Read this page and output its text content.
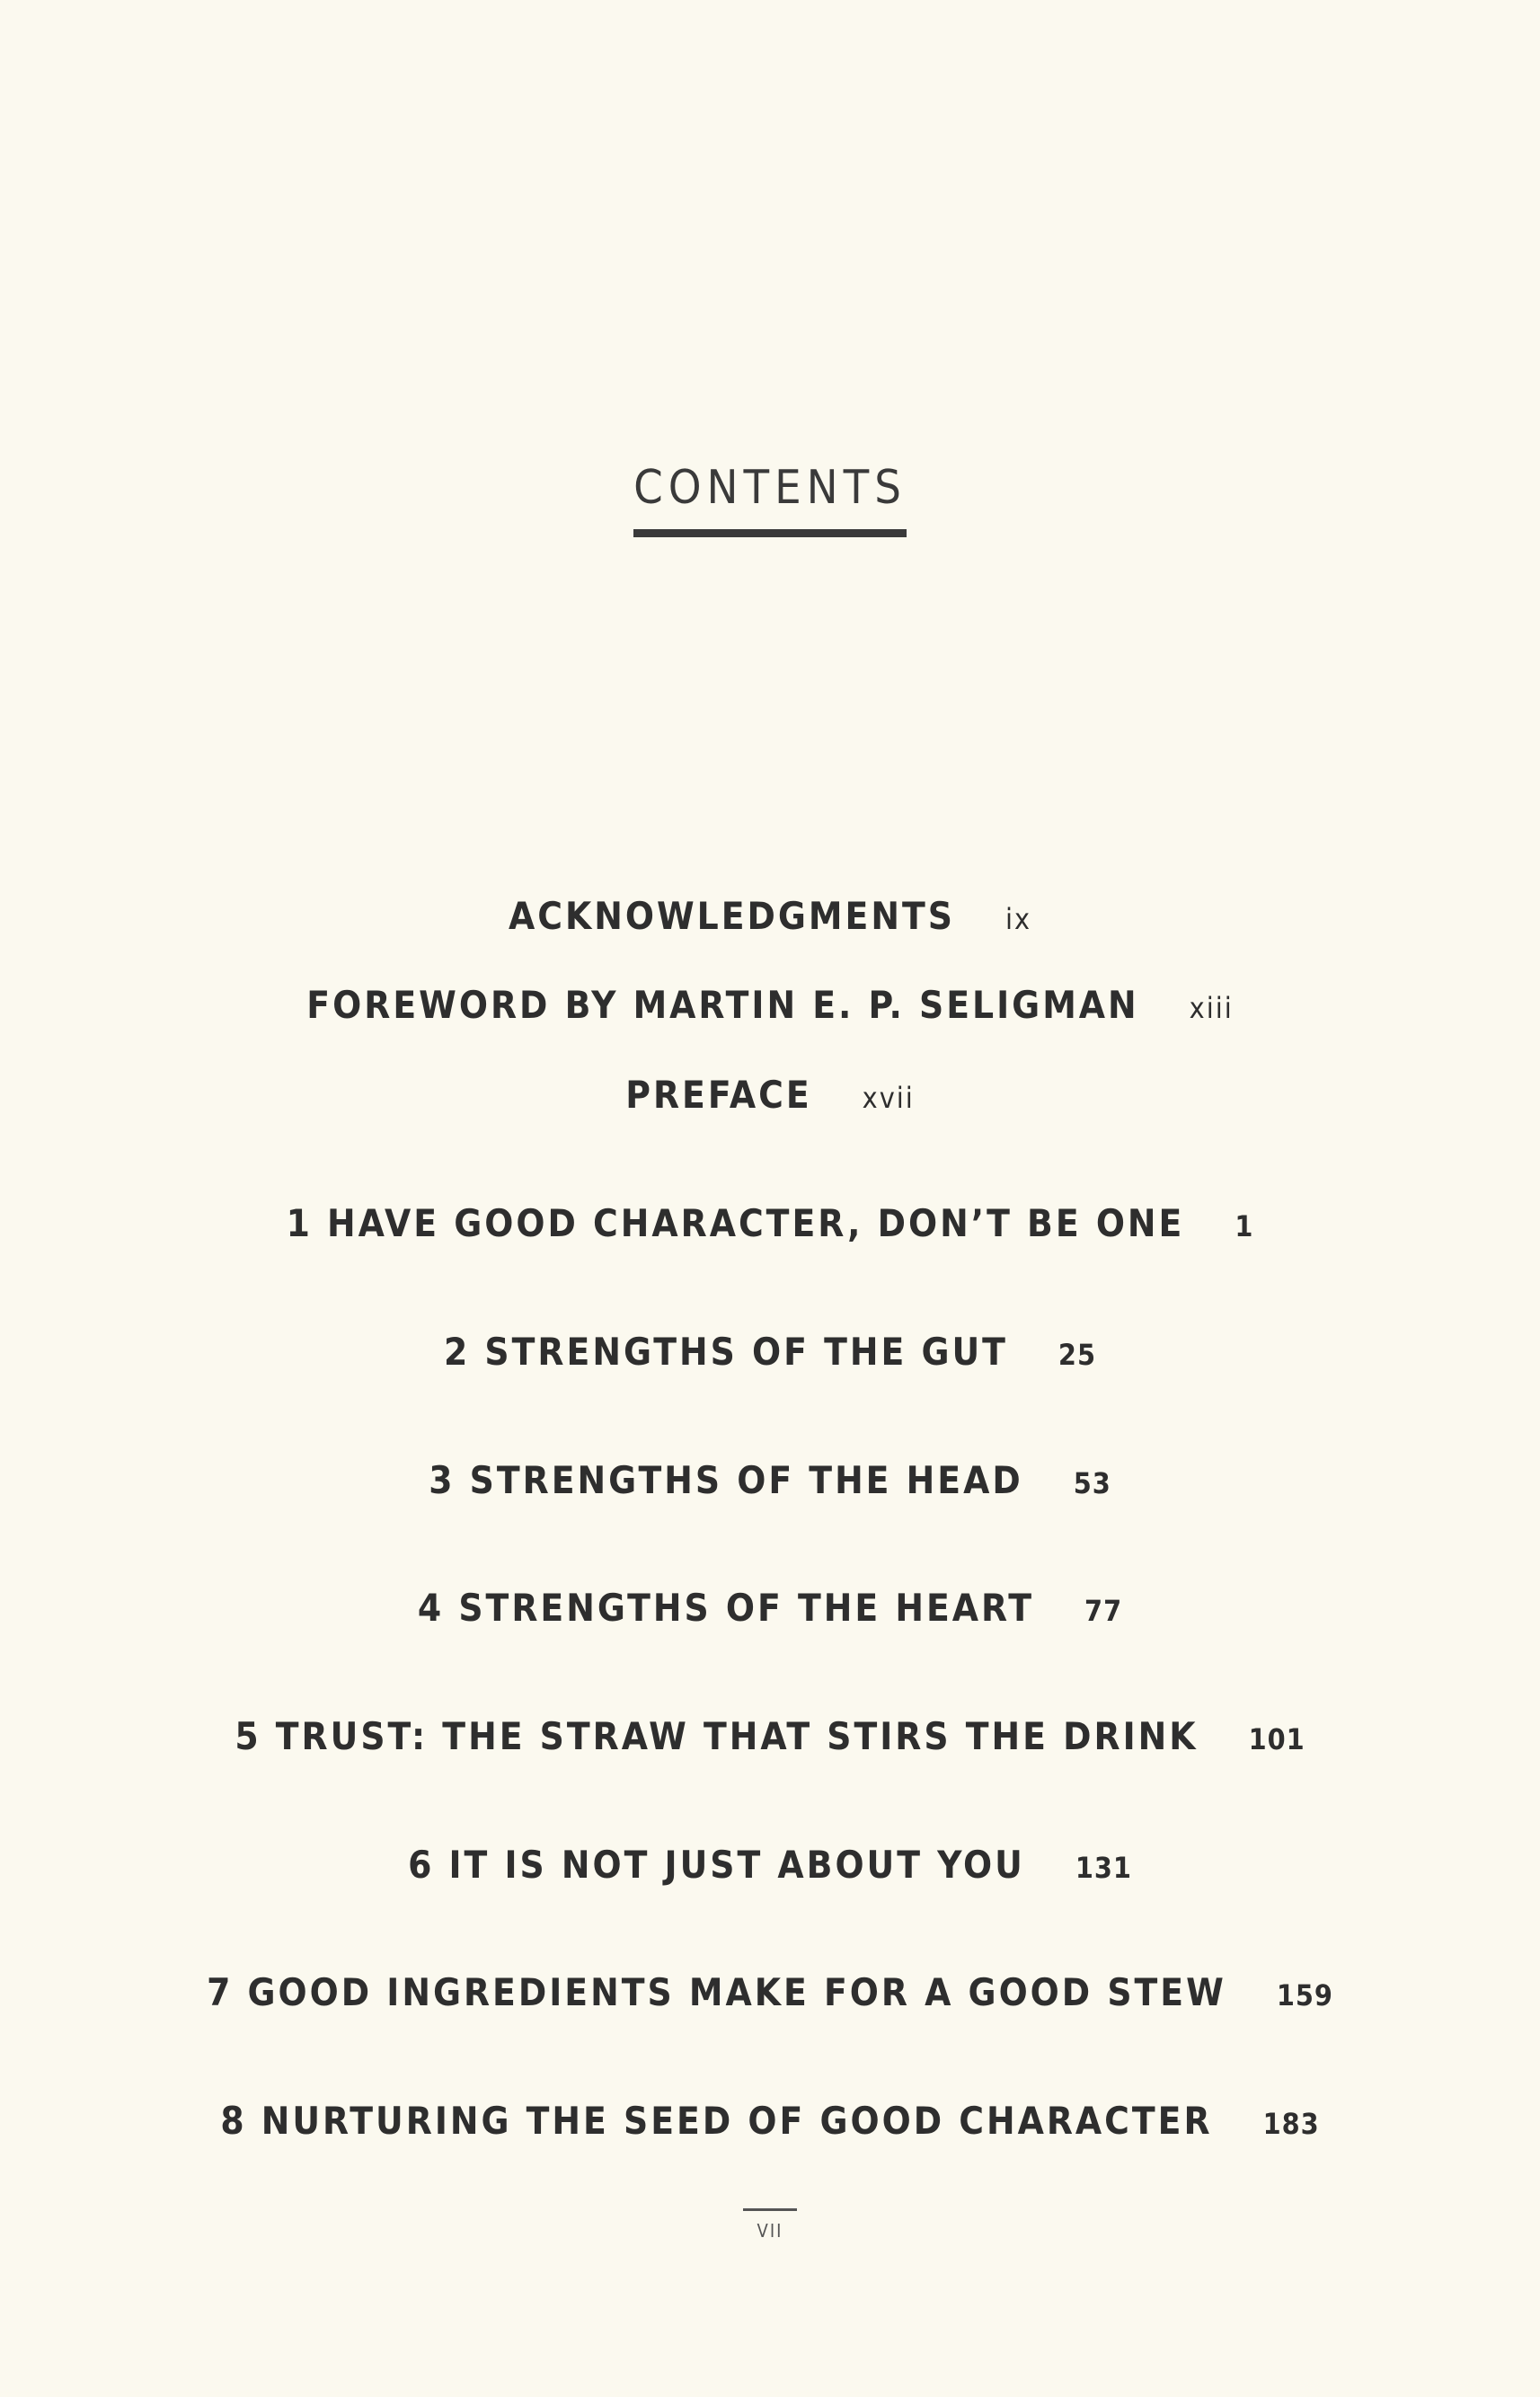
CONTENTS
ACKNOWLEDGMENTS ix
FOREWORD BY MARTIN E. P. SELIGMAN xiii
PREFACE xvii
1 HAVE GOOD CHARACTER, DON’T BE ONE 1
2 STRENGTHS OF THE GUT 25
3 STRENGTHS OF THE HEAD 53
4 STRENGTHS OF THE HEART 77
5 TRUST: THE STRAW THAT STIRS THE DRINK 101
6 IT IS NOT JUST ABOUT YOU 131
7 GOOD INGREDIENTS MAKE FOR A GOOD STEW 159
8 NURTURING THE SEED OF GOOD CHARACTER 183
VII
